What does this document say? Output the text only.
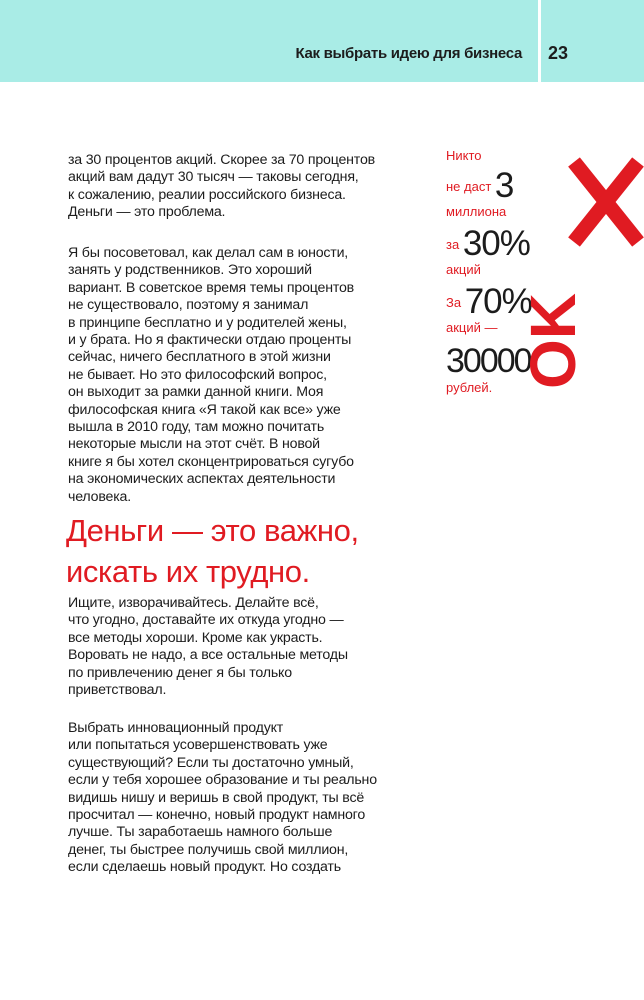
Как выбрать идею для бизнеса 23
за 30 процентов акций. Скорее за 70 процентов
акций вам дадут 30 тысяч — таковы сегодня,
к сожалению, реалии российского бизнеса.
Деньги — это проблема.
Я бы посоветовал, как делал сам в юности,
занять у родственников. Это хороший
вариант. В советское время темы процентов
не существовало, поэтому я занимал
в принципе бесплатно и у родителей жены,
и у брата. Но я фактически отдаю проценты
сейчас, ничего бесплатного в этой жизни
не бывает. Но это философский вопрос,
он выходит за рамки данной книги. Моя
философская книга «Я такой как все» уже
вышла в 2010 году, там можно почитать
некоторые мысли на этот счёт. В новой
книге я бы хотел сконцентрироваться сугубо
на экономических аспектах деятельности
человека.
Деньги — это важно,
искать их трудно.
Ищите, изворачивайтесь. Делайте всё,
что угодно, доставайте их откуда угодно —
все методы хороши. Кроме как украсть.
Воровать не надо, а все остальные методы
по привлечению денег я бы только
приветствовал.
Выбрать инновационный продукт
или попытаться усовершенствовать уже
существующий? Если ты достаточно умный,
если у тебя хорошее образование и ты реально
видишь нишу и веришь в свой продукт, ты всё
просчитал — конечно, новый продукт намного
лучше. Ты заработаешь намного больше
денег, ты быстрее получишь свой миллион,
если сделаешь новый продукт. Но создать
Никто
не даст 3
миллиона
за 30%
акций
За 70%
акций —
30000
рублей. OK
